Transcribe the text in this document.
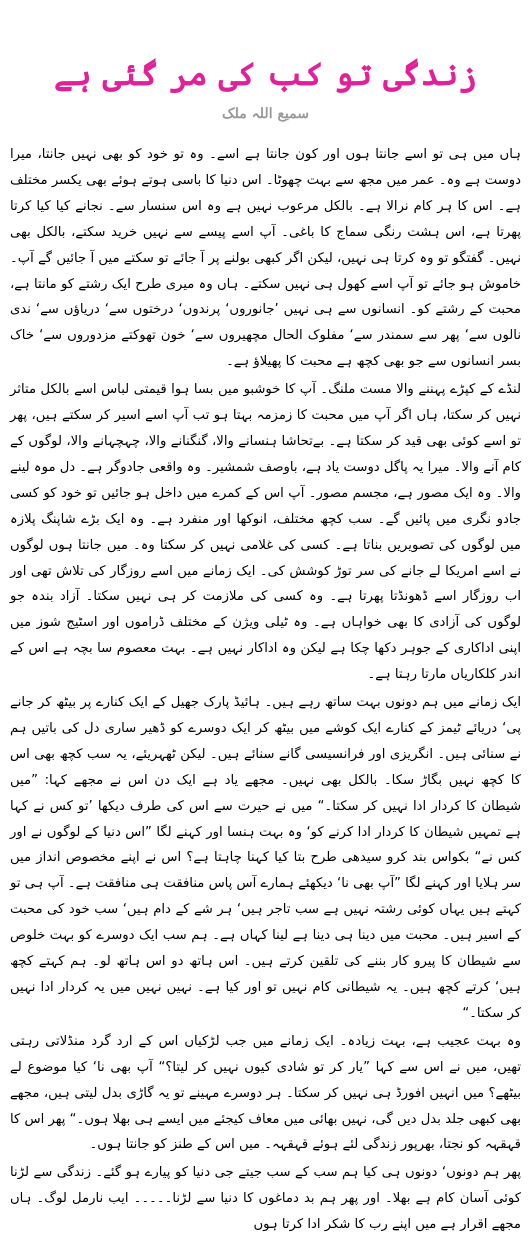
زندگی تو کب کی مر گئی ہے
سمیع اللہ ملک

ہاں میں ہی تو اسے جانتا ہوں اور کون جانتا ہے اسے۔ وہ تو خود کو بھی نہیں جانتا، میرا دوست ہے وہ۔ عمر میں مجھ سے بہت چھوٹا۔ اس دنیا کا باسی ہوتے ہوئے بھی یکسر مختلف ہے۔ اس کا ہر کام نرالا ہے۔ بالکل مرعوب نہیں ہے وہ اس سنسار سے۔ نجانے کیا کیا کرتا پھرتا ہے، اس ہشت رنگی سماج کا باغی۔ آپ اسے پیسے سے نہیں خرید سکتے، بالکل بھی نہیں۔ گفتگو تو وہ کرتا ہی نہیں، لیکن اگر کبھی بولنے پر آ جائے تو سکتے میں آ جائیں گے آپ۔ خاموش ہو جائے تو آپ اسے کھول ہی نہیں سکتے۔ ہاں وہ میری طرح ایک رشتے کو مانتا ہے، محبت کے رشتے کو۔ انسانوں سے ہی نہیں ’جانوروں‘ پرندوں‘ درختوں سے‘ دریاؤں سے‘ ندی نالوں سے‘ پھر سے سمندر سے‘ مفلوک الحال مچھیروں سے‘ خون تھوکتے مزدوروں سے‘ خاک بسر انسانوں سے جو بھی کچھ ہے محبت کا پھیلاؤ ہے۔

لنڈے کے کپڑے پہننے والا مست ملنگ۔ آپ کا خوشبو میں بسا ہوا قیمتی لباس اسے بالکل متاثر نہیں کر سکتا، ہاں اگر آپ میں محبت کا زمزمہ بہتا ہو تب آپ اسے اسیر کر سکتے ہیں، پھر تو اسے کوئی بھی قید کر سکتا ہے۔ بےتحاشا ہنسانے والا، گنگنانے والا، چہچہانے والا، لوگوں کے کام آنے والا۔ میرا یہ پاگل دوست یاد ہے، باوصف شمشیر۔ وہ واقعی جادوگر ہے۔ دل موہ لینے والا۔ وہ ایک مصور ہے، مجسم مصور۔ آپ اس کے کمرے میں داخل ہو جائیں تو خود کو کسی جادو نگری میں پائیں گے۔ سب کچھ مختلف، انوکھا اور منفرد ہے۔ وہ ایک بڑے شاپنگ پلازہ میں لوگوں کی تصویریں بناتا ہے۔ کسی کی غلامی نہیں کر سکتا وہ۔ میں جانتا ہوں لوگوں نے اسے امریکا لے جانے کی سر توڑ کوشش کی۔ ایک زمانے میں اسے روزگار کی تلاش تھی اور اب روزگار اسے ڈھونڈتا پھرتا ہے۔ وہ کسی کی ملازمت کر ہی نہیں سکتا۔ آزاد بندہ جو لوگوں کی آزادی کا بھی خواہاں ہے۔ وہ ٹیلی ویژن کے مختلف ڈراموں اور اسٹیج شوز میں اپنی اداکاری کے جوہر دکھا چکا ہے لیکن وہ اداکار نہیں ہے۔ بہت معصوم سا بچہ ہے اس کے اندر کلکاریاں مارتا رہتا ہے۔

ایک زمانے میں ہم دونوں بہت ساتھ رہے ہیں۔ ہائیڈ پارک جھیل کے ایک کنارے پر بیٹھ کر جانے پی‘ دریائے ٹیمز کے کنارے ایک کوشے میں بیٹھ کر ایک دوسرے کو ڈھیر ساری دل کی باتیں ہم نے سنائی ہیں۔ انگریزی اور فرانسیسی گانے سنائے ہیں۔ لیکن ٹھہریئے، یہ سب کچھ بھی اس کا کچھ نہیں بگاڑ سکا۔ بالکل بھی نہیں۔ مجھے یاد ہے ایک دن اس نے مجھے کہا: ”میں شیطان کا کردار ادا نہیں کر سکتا۔“ میں نے حیرت سے اس کی طرف دیکھا ’تو کس نے کہا ہے تمہیں شیطان کا کردار ادا کرنے کو‘ وہ بہت ہنسا اور کہنے لگا ”اس دنیا کے لوگوں نے اور کس نے“ بکواس بند کرو سیدھی طرح بتا کیا کہنا چاہتا ہے؟ اس نے اپنے مخصوص انداز میں سر ہلایا اور کہنے لگا ”آپ بھی نا‘ دیکھئے ہمارے آس پاس منافقت ہی منافقت ہے۔ آپ ہی تو کہتے ہیں یہاں کوئی رشتہ نہیں ہے سب تاجر ہیں‘ ہر شے کے دام ہیں‘ سب خود کی محبت کے اسیر ہیں۔ محبت میں دینا ہی دینا ہے لینا کہاں ہے۔ ہم سب ایک دوسرے کو بہت خلوص سے شیطان کا پیرو کار بننے کی تلقین کرتے ہیں۔ اس ہاتھ دو اس ہاتھ لو۔ ہم کہتے کچھ ہیں‘ کرتے کچھ ہیں۔ یہ شیطانی کام نہیں تو اور کیا ہے۔ نہیں نہیں میں یہ کردار ادا نہیں کر سکتا۔“

وہ بہت عجیب ہے، بہت زیادہ۔ ایک زمانے میں جب لڑکیاں اس کے ارد گرد منڈلاتی رہتی تھیں، میں نے اس سے کہا ”یار کر تو شادی کیوں نہیں کر لیتا؟“ آپ بھی نا‘ کیا موضوع لے بیٹھے؟ میں انہیں افورڈ ہی نہیں کر سکتا۔ ہر دوسرے مہینے تو یہ گاڑی بدل لیتی ہیں، مجھے بھی کبھی جلد بدل دیں گی، نہیں بھائی میں معاف کیجئے میں ایسے ہی بھلا ہوں۔“ پھر اس کا قہقہہ کو نجتا، بھرپور زندگی لئے ہوئے قہقہہ۔ میں اس کے طنز کو جانتا ہوں۔

پھر ہم دونوں‘ دونوں ہی کیا ہم سب کے سب جیتے جی دنیا کو پیارے ہو گئے۔ زندگی سے لڑنا کوئی آسان کام ہے بھلا۔ اور پھر ہم بد دماغوں کا دنیا سے لڑنا۔۔۔۔۔ ایب نارمل لوگ۔ ہاں مجھے اقرار ہے میں اپنے رب کا شکر ادا کرتا ہوں
